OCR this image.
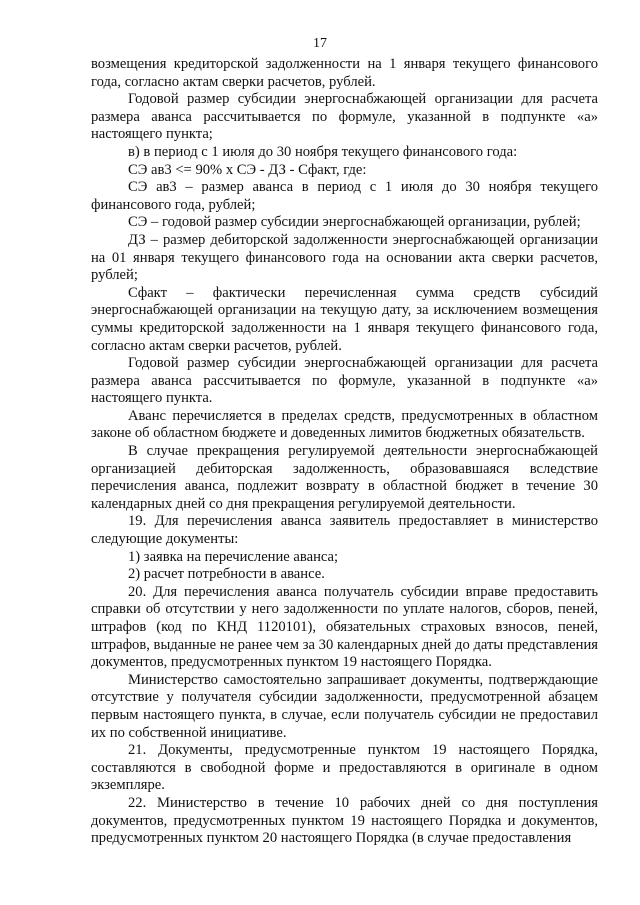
17

возмещения кредиторской задолженности на 1 января текущего финансового года, согласно актам сверки расчетов, рублей.

Годовой размер субсидии энергоснабжающей организации для расчета размера аванса рассчитывается по формуле, указанной в подпункте «а» настоящего пункта;

в) в период с 1 июля до 30 ноября текущего финансового года:

СЭ ав3 <= 90% x СЭ - ДЗ - Сфакт, где:

СЭ ав3 – размер аванса в период с 1 июля до 30 ноября текущего финансового года, рублей;

СЭ – годовой размер субсидии энергоснабжающей организации, рублей;

ДЗ – размер дебиторской задолженности энергоснабжающей организации на 01 января текущего финансового года на основании акта сверки расчетов, рублей;

Сфакт – фактически перечисленная сумма средств субсидий энергоснабжающей организации на текущую дату, за исключением возмещения суммы кредиторской задолженности на 1 января текущего финансового года, согласно актам сверки расчетов, рублей.

Годовой размер субсидии энергоснабжающей организации для расчета размера аванса рассчитывается по формуле, указанной в подпункте «а» настоящего пункта.

Аванс перечисляется в пределах средств, предусмотренных в областном законе об областном бюджете и доведенных лимитов бюджетных обязательств.

В случае прекращения регулируемой деятельности энергоснабжающей организацией дебиторская задолженность, образовавшаяся вследствие перечисления аванса, подлежит возврату в областной бюджет в течение 30 календарных дней со дня прекращения регулируемой деятельности.

19. Для перечисления аванса заявитель предоставляет в министерство следующие документы:

1) заявка на перечисление аванса;

2) расчет потребности в авансе.

20. Для перечисления аванса получатель субсидии вправе предоставить справки об отсутствии у него задолженности по уплате налогов, сборов, пеней, штрафов (код по КНД 1120101), обязательных страховых взносов, пеней, штрафов, выданные не ранее чем за 30 календарных дней до даты представления документов, предусмотренных пунктом 19 настоящего Порядка.

Министерство самостоятельно запрашивает документы, подтверждающие отсутствие у получателя субсидии задолженности, предусмотренной абзацем первым настоящего пункта, в случае, если получатель субсидии не предоставил их по собственной инициативе.

21. Документы, предусмотренные пунктом 19 настоящего Порядка, составляются в свободной форме и предоставляются в оригинале в одном экземпляре.

22. Министерство в течение 10 рабочих дней со дня поступления документов, предусмотренных пунктом 19 настоящего Порядка и документов, предусмотренных пунктом 20 настоящего Порядка (в случае предоставления
